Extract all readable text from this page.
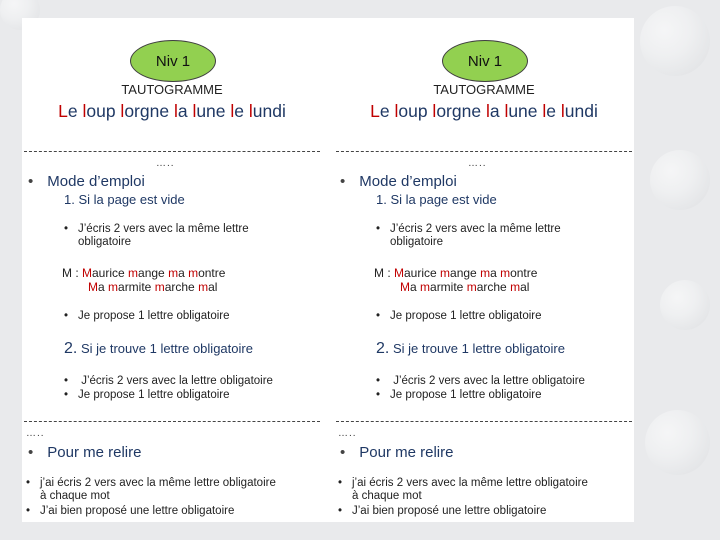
Niv 1
TAUTOGRAMME
Le loup lorgne la lune le lundi
…..
• Mode d’emploi
1. Si la page est vide
• J’écris 2 vers avec la même lettre
obligatoire
M : Maurice mange ma montre
Ma marmite marche mal
• Je propose 1 lettre obligatoire
2. Si je trouve 1 lettre obligatoire
• J’écris 2 vers avec la lettre obligatoire
• Je propose 1 lettre obligatoire
…..
• Pour me relire
• j’ai écris 2 vers avec la même lettre obligatoire
à chaque mot
• J’ai bien proposé une lettre obligatoire
Niv 1
TAUTOGRAMME
Le loup lorgne la lune le lundi
…..
• Mode d’emploi
1. Si la page est vide
• J’écris 2 vers avec la même lettre
obligatoire
M : Maurice mange ma montre
Ma marmite marche mal
• Je propose 1 lettre obligatoire
2. Si je trouve 1 lettre obligatoire
• J’écris 2 vers avec la lettre obligatoire
• Je propose 1 lettre obligatoire
…..
• Pour me relire
• j’ai écris 2 vers avec la même lettre obligatoire
à chaque mot
• J’ai bien proposé une lettre obligatoire
